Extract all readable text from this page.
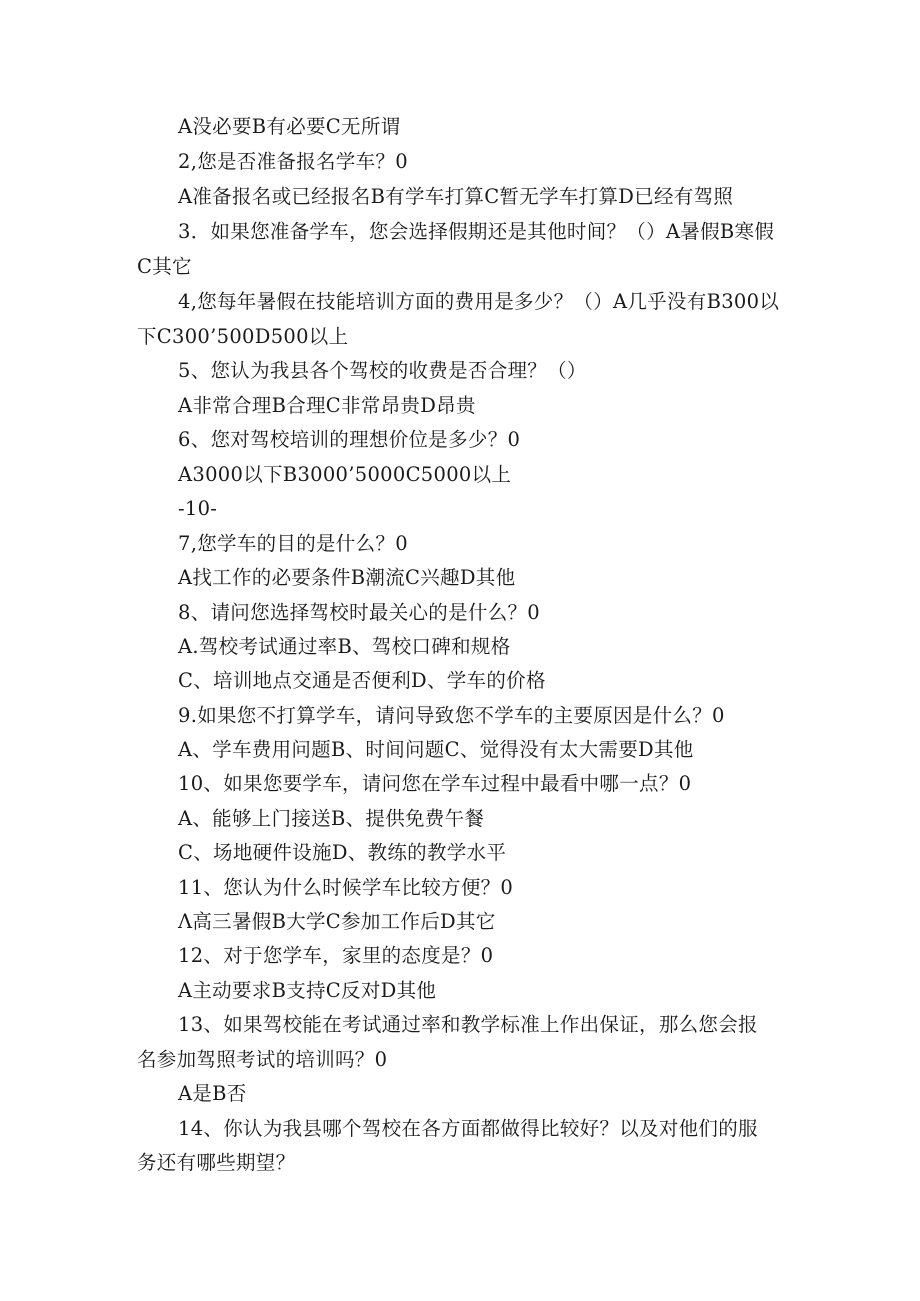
A没必要B有必要C无所谓
2,您是否准备报名学车？0
A准备报名或已经报名B有学车打算C暂无学车打算D已经有驾照
3．如果您准备学车，您会选择假期还是其他时间？（）A暑假B寒假
C其它
4,您每年暑假在技能培训方面的费用是多少？（）A几乎没有B300以
下C300’500D500以上
5、您认为我县各个驾校的收费是否合理？（）
A非常合理B合理C非常昂贵D昂贵
6、您对驾校培训的理想价位是多少？0
A3000以下B3000’5000C5000以上
-10-
7,您学车的目的是什么？0
A找工作的必要条件B潮流C兴趣D其他
8、请问您选择驾校时最关心的是什么？0
A.驾校考试通过率B、驾校口碑和规格
C、培训地点交通是否便利D、学车的价格
9.如果您不打算学车，请问导致您不学车的主要原因是什么？0
A、学车费用问题B、时间问题C、觉得没有太大需要D其他
10、如果您要学车，请问您在学车过程中最看中哪一点？0
A、能够上门接送B、提供免费午餐
C、场地硬件设施D、教练的教学水平
11、您认为什么时候学车比较方便？0
Λ高三暑假B大学C参加工作后D其它
12、对于您学车，家里的态度是？0
A主动要求B支持C反对D其他
13、如果驾校能在考试通过率和教学标准上作出保证，那么您会报
名参加驾照考试的培训吗？0
A是B否
14、你认为我县哪个驾校在各方面都做得比较好？以及对他们的服
务还有哪些期望？
